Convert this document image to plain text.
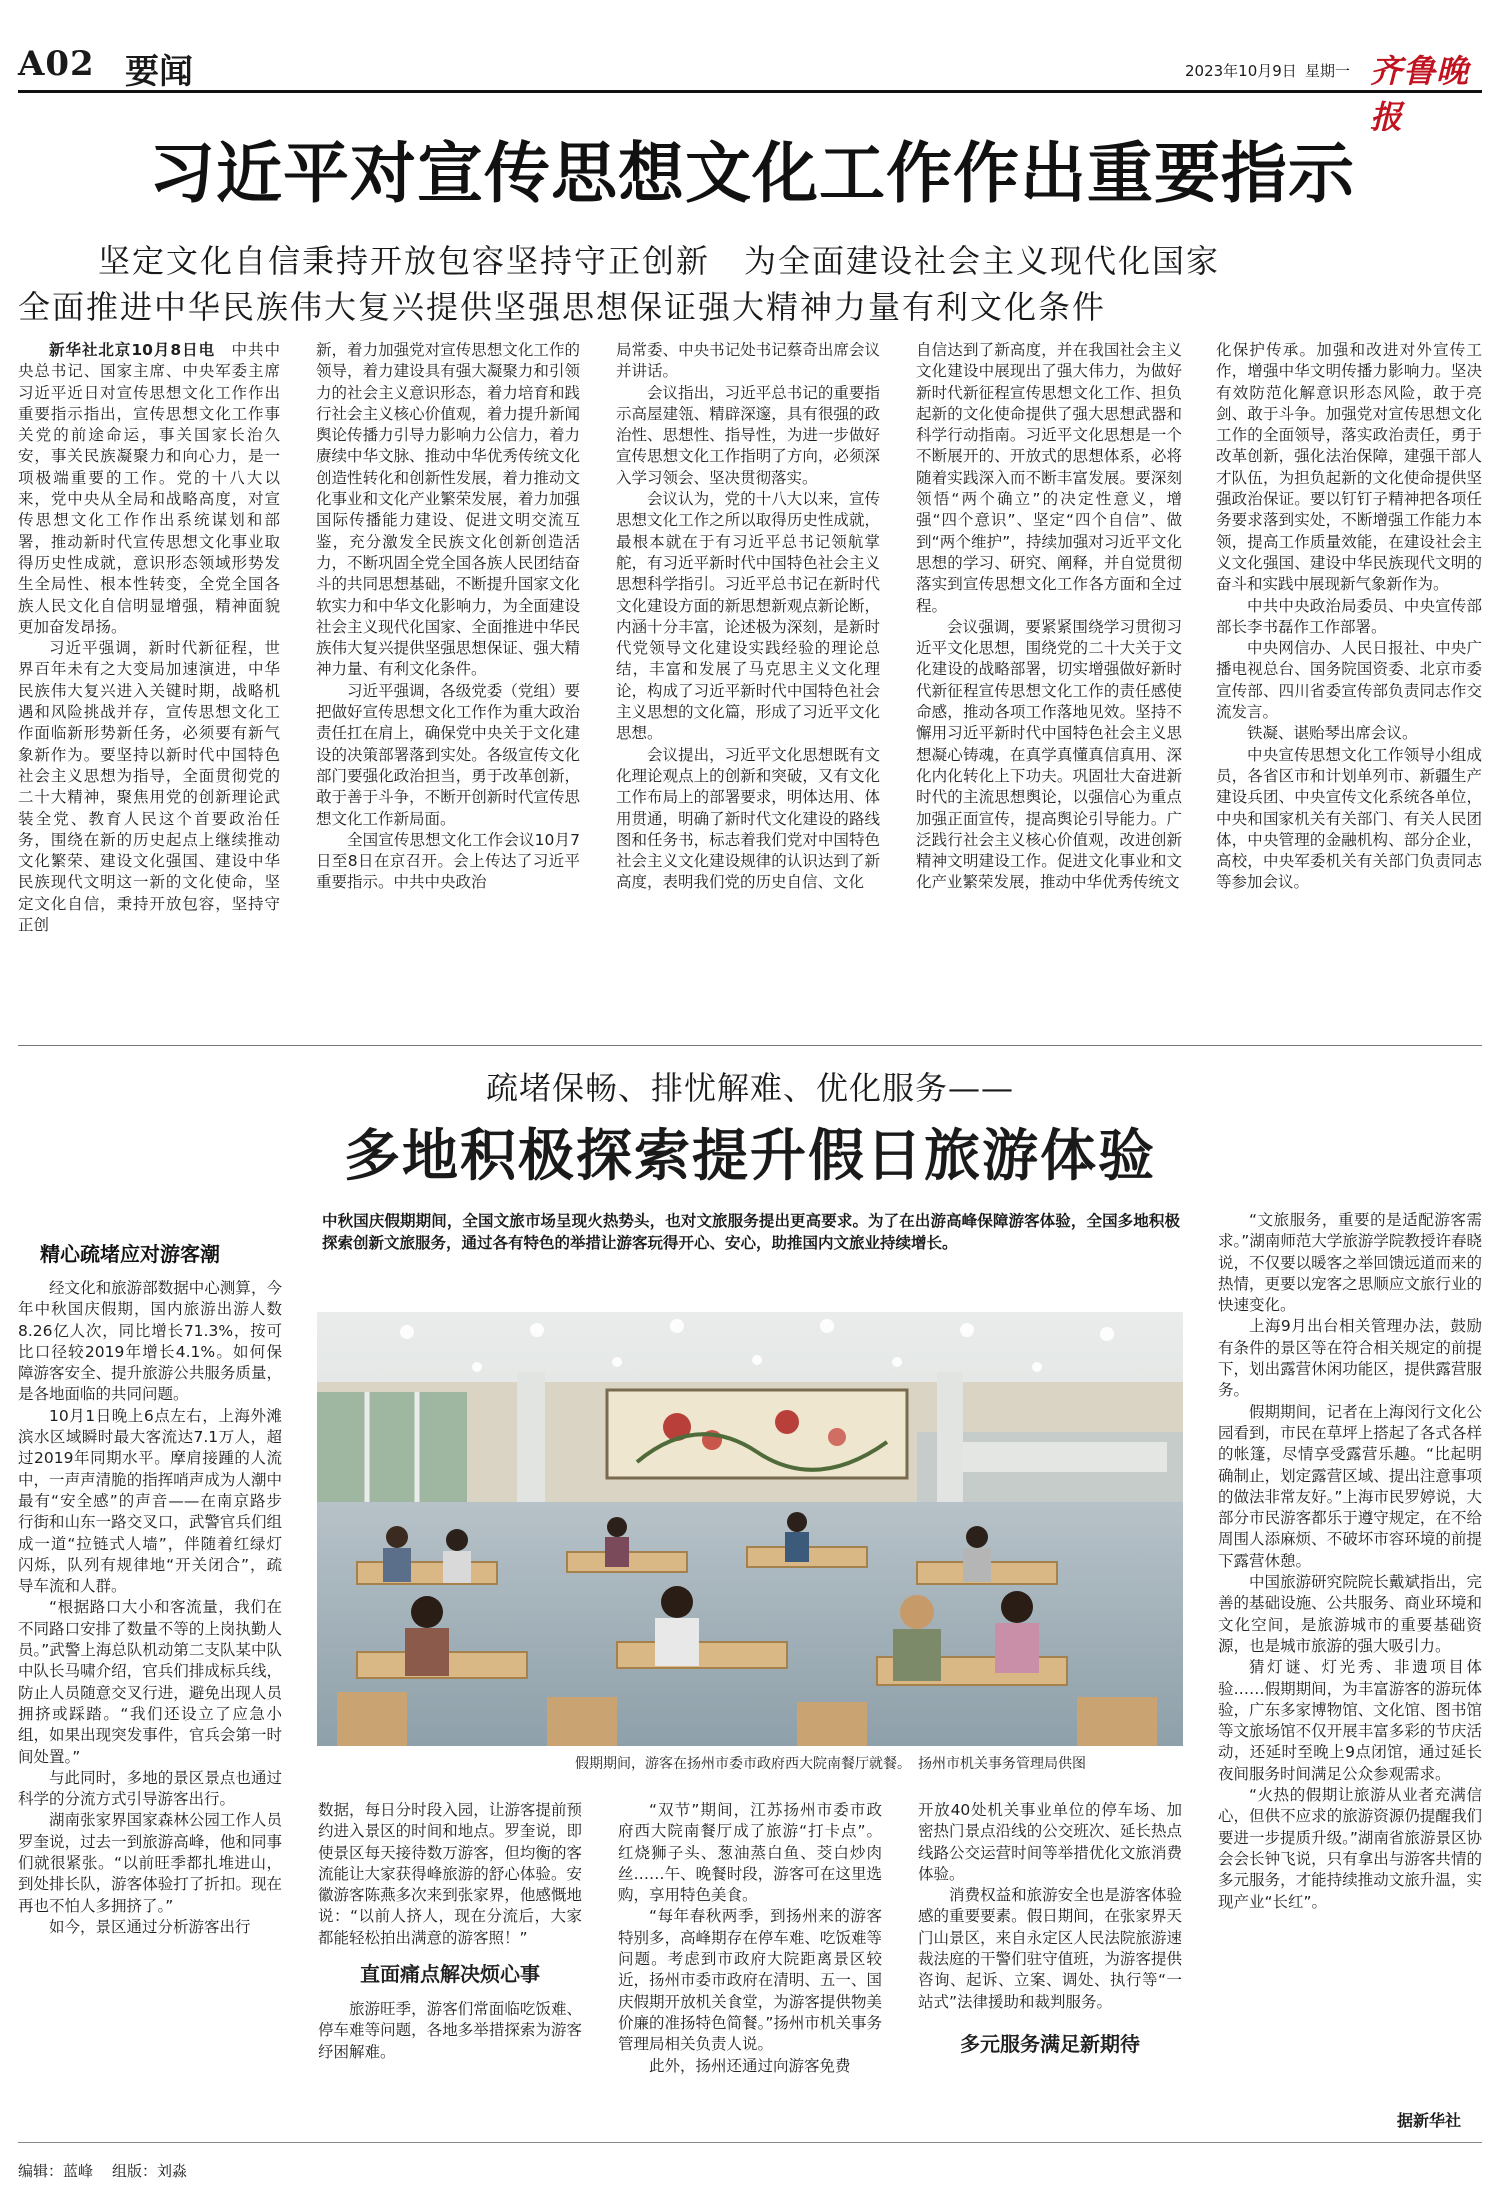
A02 要闻	2023年10月9日 星期一 齐鲁晚报
习近平对宣传思想文化工作作出重要指示
坚定文化自信秉持开放包容坚持守正创新　为全面建设社会主义现代化国家
全面推进中华民族伟大复兴提供坚强思想保证强大精神力量有利文化条件

新华社北京10月8日电　 中共中央总书记、国家主席、中央军委主席习近平近日对宣传思想文化工作作出重要指示指出，宣传思想文化工作事关党的前途命运，事关国家长治久安，事关民族凝聚力和向心力，是一项极端重要的工作。党的十八大以来，党中央从全局和战略高度，对宣传思想文化工作作出系统谋划和部署，推动新时代宣传思想文化事业取得历史性成就，意识形态领域形势发生全局性、根本性转变，全党全国各族人民文化自信明显增强，精神面貌更加奋发昂扬。

习近平强调，新时代新征程，世界百年未有之大变局加速演进，中华民族伟大复兴进入关键时期，战略机遇和风险挑战并存，宣传思想文化工作面临新形势新任务，必须要有新气象新作为。要坚持以新时代中国特色社会主义思想为指导，全面贯彻党的二十大精神，聚焦用党的创新理论武装全党、教育人民这个首要政治任务，围绕在新的历史起点上继续推动文化繁荣、建设文化强国、建设中华民族现代文明这一新的文化使命，坚定文化自信，秉持开放包容，坚持守正创

新，着力加强党对宣传思想文化工作的领导，着力建设具有强大凝聚力和引领力的社会主义意识形态，着力培育和践行社会主义核心价值观，着力提升新闻舆论传播力引导力影响力公信力，着力赓续中华文脉、推动中华优秀传统文化创造性转化和创新性发展，着力推动文化事业和文化产业繁荣发展，着力加强国际传播能力建设、促进文明交流互鉴，充分激发全民族文化创新创造活力，不断巩固全党全国各族人民团结奋斗的共同思想基础，不断提升国家文化软实力和中华文化影响力，为全面建设社会主义现代化国家、全面推进中华民族伟大复兴提供坚强思想保证、强大精神力量、有利文化条件。

习近平强调，各级党委（党组）要把做好宣传思想文化工作作为重大政治责任扛在肩上，确保党中央关于文化建设的决策部署落到实处。各级宣传文化部门要强化政治担当，勇于改革创新，敢于善于斗争，不断开创新时代宣传思想文化工作新局面。

全国宣传思想文化工作会议10月7日至8日在京召开。会上传达了习近平重要指示。中共中央政治

局常委、中央书记处书记蔡奇出席会议并讲话。

会议指出，习近平总书记的重要指示高屋建瓴、精辟深邃，具有很强的政治性、思想性、指导性，为进一步做好宣传思想文化工作指明了方向，必须深入学习领会、坚决贯彻落实。

会议认为，党的十八大以来，宣传思想文化工作之所以取得历史性成就，最根本就在于有习近平总书记领航掌舵，有习近平新时代中国特色社会主义思想科学指引。习近平总书记在新时代文化建设方面的新思想新观点新论断，内涵十分丰富，论述极为深刻，是新时代党领导文化建设实践经验的理论总结，丰富和发展了马克思主义文化理论，构成了习近平新时代中国特色社会主义思想的文化篇，形成了习近平文化思想。

会议提出，习近平文化思想既有文化理论观点上的创新和突破，又有文化工作布局上的部署要求，明体达用、体用贯通，明确了新时代文化建设的路线图和任务书，标志着我们党对中国特色社会主义文化建设规律的认识达到了新高度，表明我们党的历史自信、文化

自信达到了新高度，并在我国社会主义文化建设中展现出了强大伟力，为做好新时代新征程宣传思想文化工作、担负起新的文化使命提供了强大思想武器和科学行动指南。习近平文化思想是一个不断展开的、开放式的思想体系，必将随着实践深入而不断丰富发展。要深刻领悟“两个确立”的决定性意义，增强“四个意识”、坚定“四个自信”、做到“两个维护”，持续加强对习近平文化思想的学习、研究、阐释，并自觉贯彻落实到宣传思想文化工作各方面和全过程。

会议强调，要紧紧围绕学习贯彻习近平文化思想，围绕党的二十大关于文化建设的战略部署，切实增强做好新时代新征程宣传思想文化工作的责任感使命感，推动各项工作落地见效。坚持不懈用习近平新时代中国特色社会主义思想凝心铸魂，在真学真懂真信真用、深化内化转化上下功夫。巩固壮大奋进新时代的主流思想舆论，以强信心为重点加强正面宣传，提高舆论引导能力。广泛践行社会主义核心价值观，改进创新精神文明建设工作。促进文化事业和文化产业繁荣发展，推动中华优秀传统文

化保护传承。加强和改进对外宣传工作，增强中华文明传播力影响力。坚决有效防范化解意识形态风险，敢于亮剑、敢于斗争。加强党对宣传思想文化工作的全面领导，落实政治责任，勇于改革创新，强化法治保障，建强干部人才队伍，为担负起新的文化使命提供坚强政治保证。要以钉钉子精神把各项任务要求落到实处，不断增强工作能力本领，提高工作质量效能，在建设社会主义文化强国、建设中华民族现代文明的奋斗和实践中展现新气象新作为。

中共中央政治局委员、中央宣传部部长李书磊作工作部署。

中央网信办、人民日报社、中央广播电视总台、国务院国资委、北京市委宣传部、四川省委宣传部负责同志作交流发言。

铁凝、谌贻琴出席会议。

中央宣传思想文化工作领导小组成员，各省区市和计划单列市、新疆生产建设兵团、中央宣传文化系统各单位，中央和国家机关有关部门、有关人民团体，中央管理的金融机构、部分企业，高校，中央军委机关有关部门负责同志等参加会议。

疏堵保畅、排忧解难、优化服务——
多地积极探索提升假日旅游体验
精心疏堵应对游客潮
中秋国庆假期期间，全国文旅市场呈现火热势头，也对文旅服务提出更高要求。为了在出游高峰保障游客体验，全国多地积极探索创新文旅服务，通过各有特色的举措让游客玩得开心、安心，助推国内文旅业持续增长。

经文化和旅游部数据中心测算，今年中秋国庆假期，国内旅游出游人数8.26亿人次，同比增长71.3%，按可比口径较2019年增长4.1%。如何保障游客安全、提升旅游公共服务质量，是各地面临的共同问题。

10月1日晚上6点左右，上海外滩滨水区域瞬时最大客流达7.1万人，超过2019年同期水平。摩肩接踵的人流中，一声声清脆的指挥哨声成为人潮中最有“安全感”的声音——在南京路步行街和山东一路交叉口，武警官兵们组成一道“拉链式人墙”，伴随着红绿灯闪烁，队列有规律地“开关闭合”，疏导车流和人群。

“根据路口大小和客流量，我们在不同路口安排了数量不等的上岗执勤人员。”武警上海总队机动第二支队某中队中队长马啸介绍，官兵们排成标兵线，防止人员随意交叉行进，避免出现人员拥挤或踩踏。“我们还设立了应急小组，如果出现突发事件，官兵会第一时间处置。”

与此同时，多地的景区景点也通过科学的分流方式引导游客出行。

湖南张家界国家森林公园工作人员罗奎说，过去一到旅游高峰，他和同事们就很紧张。“以前旺季都扎堆进山，到处排长队，游客体验打了折扣。现在再也不怕人多拥挤了。”

如今，景区通过分析游客出行

假期期间，游客在扬州市委市政府西大院南餐厅就餐。　扬州市机关事务管理局供图

数据，每日分时段入园，让游客提前预约进入景区的时间和地点。罗奎说，即使景区每天接待数万游客，但均衡的客流能让大家获得峰旅游的舒心体验。安徽游客陈燕多次来到张家界，他感慨地说：“以前人挤人，现在分流后，大家都能轻松拍出满意的游客照！”

直面痛点解决烦心事

旅游旺季，游客们常面临吃饭难、停车难等问题，各地多举措探索为游客纾困解难。

“双节”期间，江苏扬州市委市政府西大院南餐厅成了旅游“打卡点”。红烧狮子头、葱油蒸白鱼、茭白炒肉丝……午、晚餐时段，游客可在这里选购，享用特色美食。

“每年春秋两季，到扬州来的游客特别多，高峰期存在停车难、吃饭难等问题。考虑到市政府大院距离景区较近，扬州市委市政府在清明、五一、国庆假期开放机关食堂，为游客提供物美价廉的准扬特色简餐。”扬州市机关事务管理局相关负责人说。

此外，扬州还通过向游客免费

开放40处机关事业单位的停车场、加密热门景点沿线的公交班次、延长热点线路公交运营时间等举措优化文旅消费体验。

消费权益和旅游安全也是游客体验感的重要要素。假日期间，在张家界天门山景区，来自永定区人民法院旅游速裁法庭的干警们驻守值班，为游客提供咨询、起诉、立案、调处、执行等“一站式”法律援助和裁判服务。

多元服务满足新期待

“文旅服务，重要的是适配游客需求。”湖南师范大学旅游学院教授许春晓说，不仅要以暖客之举回馈远道而来的热情，更要以宠客之思顺应文旅行业的快速变化。

上海9月出台相关管理办法，鼓励有条件的景区等在符合相关规定的前提下，划出露营休闲功能区，提供露营服务。

假期期间，记者在上海闵行文化公园看到，市民在草坪上搭起了各式各样的帐篷，尽情享受露营乐趣。“比起明确制止，划定露营区域、提出注意事项的做法非常友好。”上海市民罗婷说，大部分市民游客都乐于遵守规定，在不给周围人添麻烦、不破坏市容环境的前提下露营休憩。

中国旅游研究院院长戴斌指出，完善的基础设施、公共服务、商业环境和文化空间，是旅游城市的重要基础资源，也是城市旅游的强大吸引力。

猜灯谜、灯光秀、非遗项目体验……假期期间，为丰富游客的游玩体验，广东多家博物馆、文化馆、图书馆等文旅场馆不仅开展丰富多彩的节庆活动，还延时至晚上9点闭馆，通过延长夜间服务时间满足公众参观需求。

“火热的假期让旅游从业者充满信心，但供不应求的旅游资源仍提醒我们要进一步提质升级。”湖南省旅游景区协会会长钟飞说，只有拿出与游客共情的多元服务，才能持续推动文旅升温，实现产业“长红”。

据新华社
编辑：蓝峰 组版：刘淼
